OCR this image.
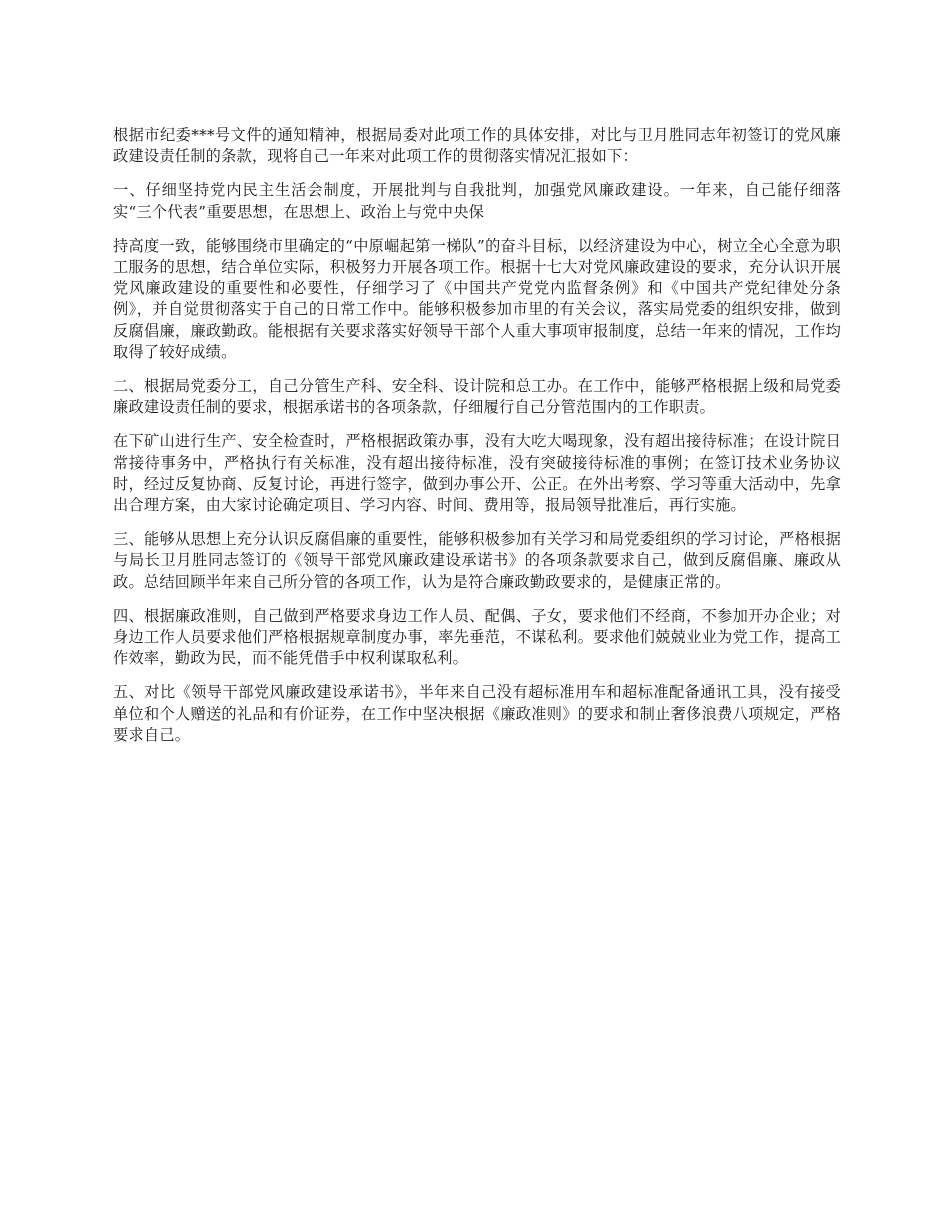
根据市纪委***号文件的通知精神，根据局委对此项工作的具体安排，对比与卫月胜同志年初签订的党风廉政建设责任制的条款，现将自己一年来对此项工作的贯彻落实情况汇报如下：

一、仔细坚持党内民主生活会制度，开展批判与自我批判，加强党风廉政建设。一年来，自己能仔细落实“三个代表”重要思想，在思想上、政治上与党中央保

持高度一致，能够围绕市里确定的“中原崛起第一梯队”的奋斗目标，以经济建设为中心，树立全心全意为职工服务的思想，结合单位实际，积极努力开展各项工作。根据十七大对党风廉政建设的要求，充分认识开展党风廉政建设的重要性和必要性，仔细学习了《中国共产党党内监督条例》和《中国共产党纪律处分条例》，并自觉贯彻落实于自己的日常工作中。能够积极参加市里的有关会议，落实局党委的组织安排，做到反腐倡廉，廉政勤政。能根据有关要求落实好领导干部个人重大事项审报制度，总结一年来的情况，工作均取得了较好成绩。

二、根据局党委分工，自己分管生产科、安全科、设计院和总工办。在工作中，能够严格根据上级和局党委廉政建设责任制的要求，根据承诺书的各项条款，仔细履行自己分管范围内的工作职责。

在下矿山进行生产、安全检查时，严格根据政策办事，没有大吃大喝现象，没有超出接待标准；在设计院日常接待事务中，严格执行有关标准，没有超出接待标准，没有突破接待标准的事例；在签订技术业务协议时，经过反复协商、反复讨论，再进行签字，做到办事公开、公正。在外出考察、学习等重大活动中，先拿出合理方案，由大家讨论确定项目、学习内容、时间、费用等，报局领导批准后，再行实施。

三、能够从思想上充分认识反腐倡廉的重要性，能够积极参加有关学习和局党委组织的学习讨论，严格根据与局长卫月胜同志签订的《领导干部党风廉政建设承诺书》的各项条款要求自己，做到反腐倡廉、廉政从政。总结回顾半年来自己所分管的各项工作，认为是符合廉政勤政要求的，是健康正常的。

四、根据廉政准则，自己做到严格要求身边工作人员、配偶、子女，要求他们不经商，不参加开办企业；对身边工作人员要求他们严格根据规章制度办事，率先垂范，不谋私利。要求他们兢兢业业为党工作，提高工作效率，勤政为民，而不能凭借手中权利谋取私利。

五、对比《领导干部党风廉政建设承诺书》，半年来自己没有超标准用车和超标准配备通讯工具，没有接受单位和个人赠送的礼品和有价证券，在工作中坚决根据《廉政准则》的要求和制止奢侈浪费八项规定，严格要求自己。
